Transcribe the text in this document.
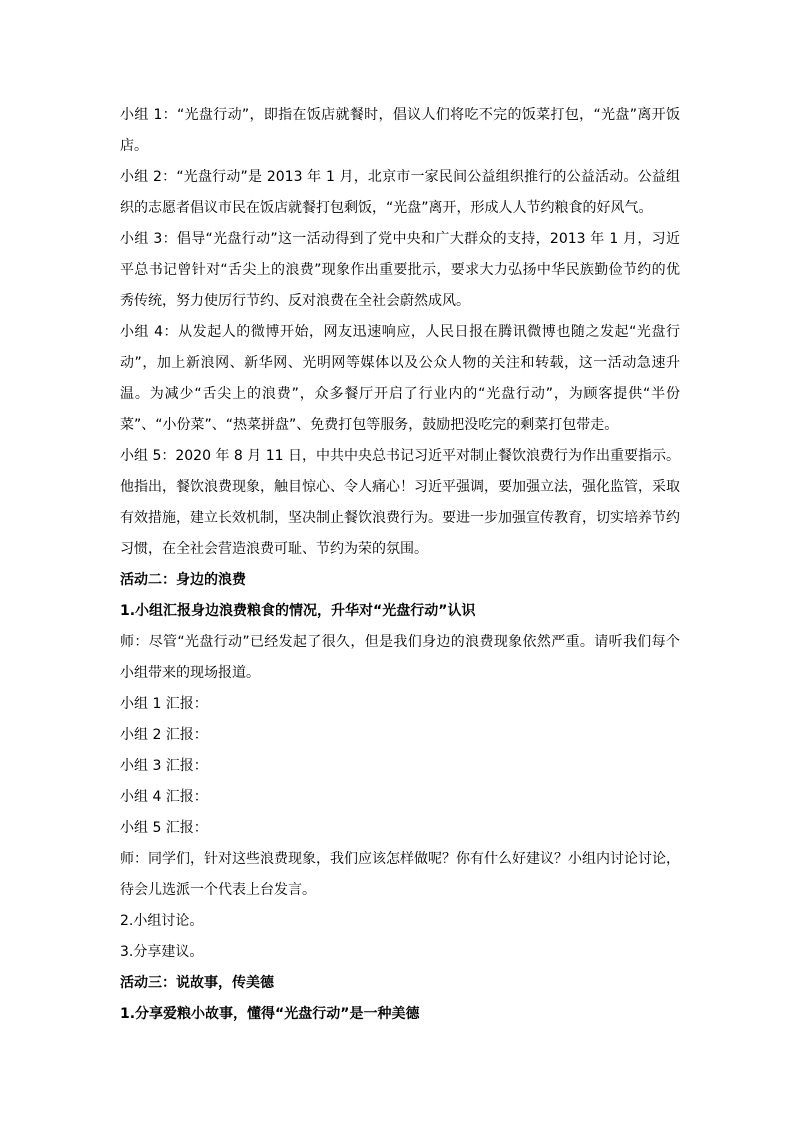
小组 1：“光盘行动”，即指在饭店就餐时，倡议人们将吃不完的饭菜打包，“光盘”离开饭店。

小组 2：“光盘行动”是 2013 年 1 月，北京市一家民间公益组织推行的公益活动。公益组织的志愿者倡议市民在饭店就餐打包剩饭，“光盘”离开，形成人人节约粮食的好风气。

小组 3：倡导“光盘行动”这一活动得到了党中央和广大群众的支持，2013 年 1 月，习近平总书记曾针对“舌尖上的浪费”现象作出重要批示，要求大力弘扬中华民族勤俭节约的优秀传统，努力使厉行节约、反对浪费在全社会蔚然成风。

小组 4：从发起人的微博开始，网友迅速响应，人民日报在腾讯微博也随之发起“光盘行动”，加上新浪网、新华网、光明网等媒体以及公众人物的关注和转载，这一活动急速升温。为减少“舌尖上的浪费”，众多餐厅开启了行业内的“光盘行动”，为顾客提供“半份菜”、“小份菜”、“热菜拼盘”、免费打包等服务，鼓励把没吃完的剩菜打包带走。

小组 5：2020 年 8 月 11 日，中共中央总书记习近平对制止餐饮浪费行为作出重要指示。他指出，餐饮浪费现象，触目惊心、令人痛心！习近平强调，要加强立法，强化监管，采取有效措施，建立长效机制，坚决制止餐饮浪费行为。要进一步加强宣传教育，切实培养节约习惯，在全社会营造浪费可耻、节约为荣的氛围。

活动二：身边的浪费

1.小组汇报身边浪费粮食的情况，升华对“光盘行动”认识

师：尽管“光盘行动”已经发起了很久，但是我们身边的浪费现象依然严重。请听我们每个小组带来的现场报道。

小组 1 汇报：

小组 2 汇报：

小组 3 汇报：

小组 4 汇报：

小组 5 汇报：

师：同学们，针对这些浪费现象，我们应该怎样做呢？你有什么好建议？小组内讨论讨论，待会儿选派一个代表上台发言。

2.小组讨论。

3.分享建议。

活动三：说故事，传美德

1.分享爱粮小故事，懂得“光盘行动”是一种美德
